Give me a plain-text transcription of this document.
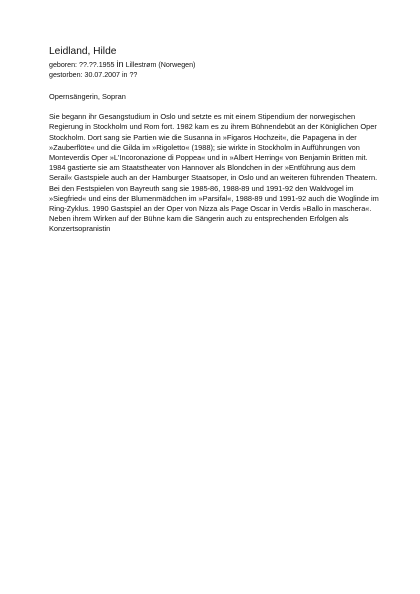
Leidland, Hilde

geboren: ??.??.1955 in Lillestrøm (Norwegen)

gestorben: 30.07.2007 in ??

Opernsängerin, Sopran

Sie begann ihr Gesangstudium in Oslo und setzte es mit einem Stipendium der norwegischen Regierung in Stockholm und Rom fort. 1982 kam es zu ihrem Bühnendebüt an der Königlichen Oper Stockholm. Dort sang sie Partien wie die Susanna in »Figaros Hochzeit«, die Papagena in der »Zauberflöte« und die Gilda im »Rigoletto« (1988); sie wirkte in Stockholm in Aufführungen von Monteverdis Oper »L'Incoronazione di Poppea« und in »Albert Herring« von Benjamin Britten mit. 1984 gastierte sie am Staatstheater von Hannover als Blondchen in der »Entführung aus dem Serail« Gastspiele auch an der Hamburger Staatsoper, in Oslo und an weiteren führenden Theatern. Bei den Festspielen von Bayreuth sang sie 1985-86, 1988-89 und 1991-92 den Waldvogel im »Siegfried« und eins der Blumenmädchen im »Parsifal«, 1988-89 und 1991-92 auch die Woglinde im Ring-Zyklus. 1990 Gastspiel an der Oper von Nizza als Page Oscar in Verdis »Ballo in maschera«. Neben ihrem Wirken auf der Bühne kam die Sängerin auch zu entsprechenden Erfolgen als Konzertsopranistin
